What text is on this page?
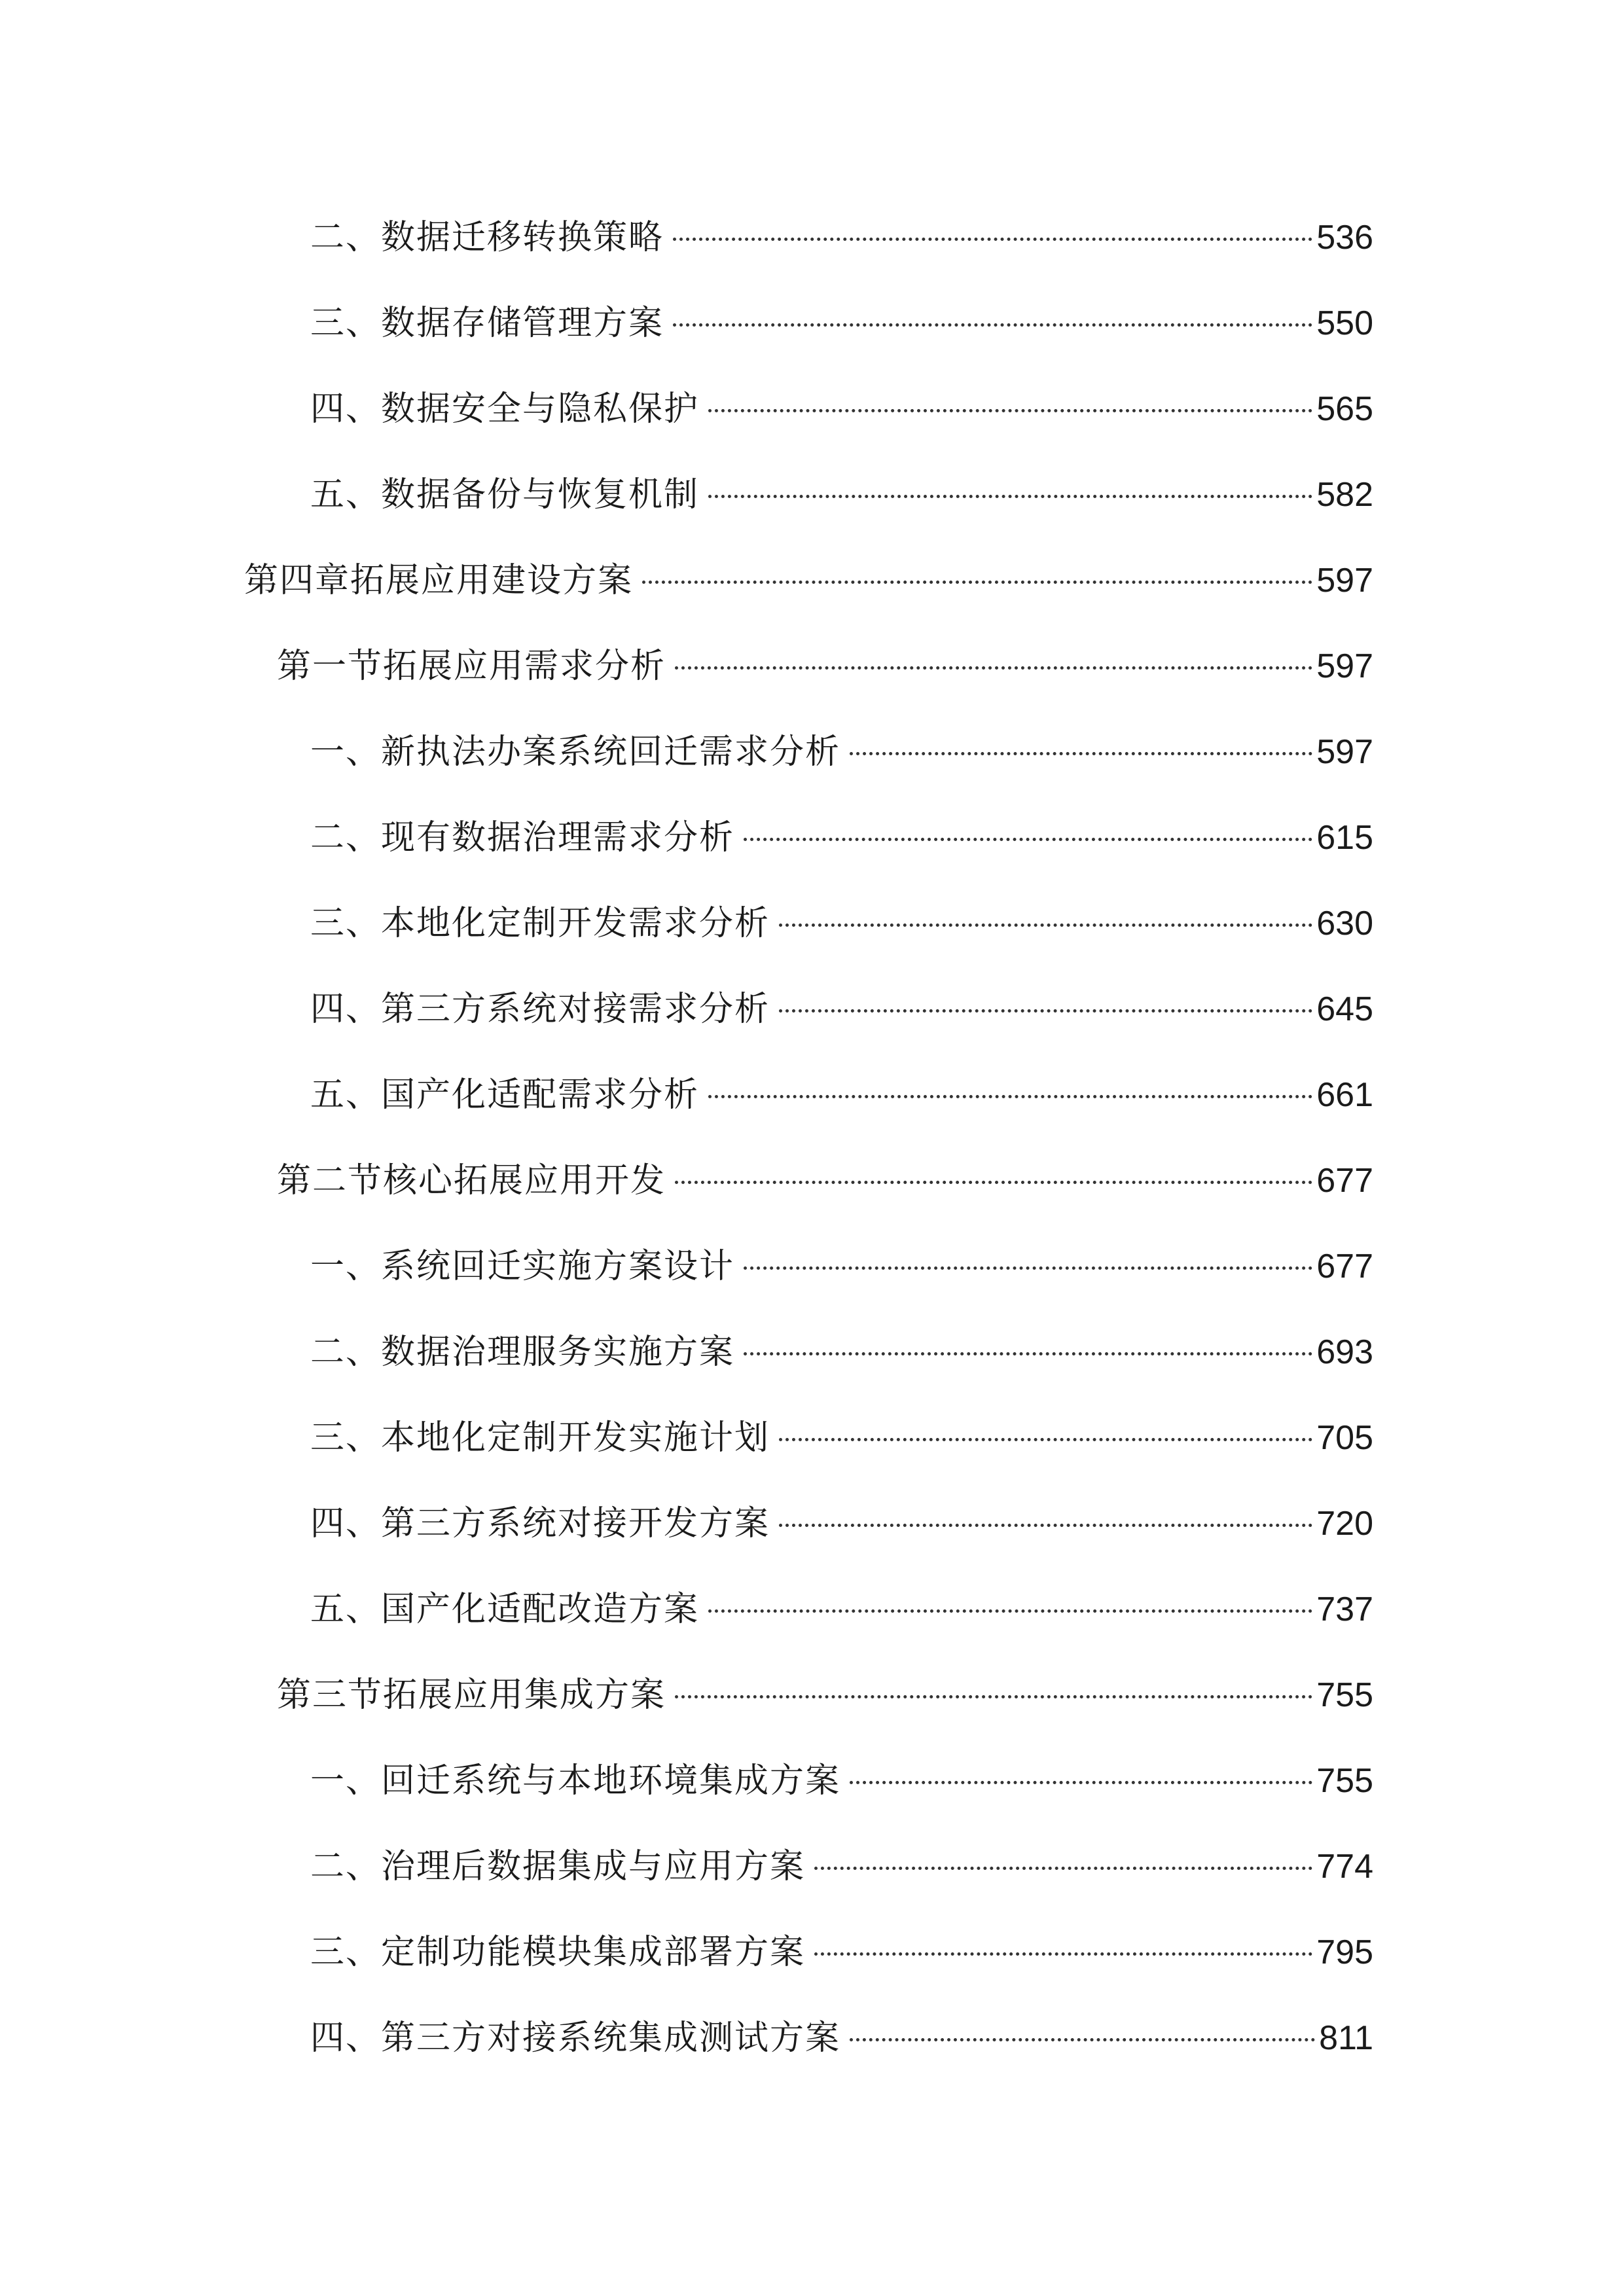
二、数据迁移转换策略	536
三、数据存储管理方案	550
四、数据安全与隐私保护	565
五、数据备份与恢复机制	582
第四章拓展应用建设方案	597
第一节拓展应用需求分析	597
一、新执法办案系统回迁需求分析	597
二、现有数据治理需求分析	615
三、本地化定制开发需求分析	630
四、第三方系统对接需求分析	645
五、国产化适配需求分析	661
第二节核心拓展应用开发	677
一、系统回迁实施方案设计	677
二、数据治理服务实施方案	693
三、本地化定制开发实施计划	705
四、第三方系统对接开发方案	720
五、国产化适配改造方案	737
第三节拓展应用集成方案	755
一、回迁系统与本地环境集成方案	755
二、治理后数据集成与应用方案	774
三、定制功能模块集成部署方案	795
四、第三方对接系统集成测试方案	811
